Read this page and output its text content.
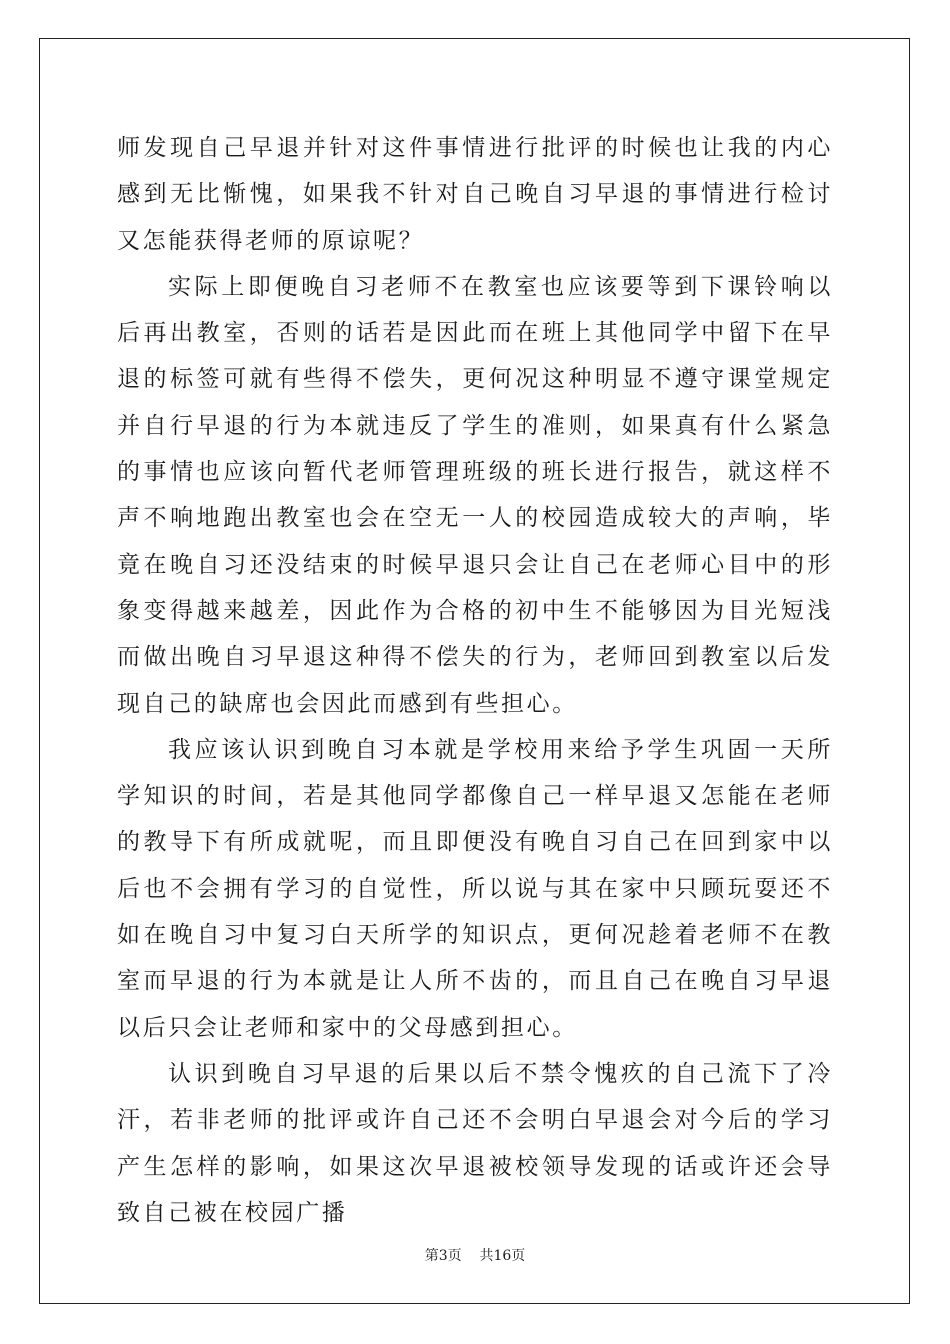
师发现自己早退并针对这件事情进行批评的时候也让我的内心感到无比惭愧，如果我不针对自己晚自习早退的事情进行检讨又怎能获得老师的原谅呢？

实际上即便晚自习老师不在教室也应该要等到下课铃响以后再出教室，否则的话若是因此而在班上其他同学中留下在早退的标签可就有些得不偿失，更何况这种明显不遵守课堂规定并自行早退的行为本就违反了学生的准则，如果真有什么紧急的事情也应该向暂代老师管理班级的班长进行报告，就这样不声不响地跑出教室也会在空无一人的校园造成较大的声响，毕竟在晚自习还没结束的时候早退只会让自己在老师心目中的形象变得越来越差，因此作为合格的初中生不能够因为目光短浅而做出晚自习早退这种得不偿失的行为，老师回到教室以后发现自己的缺席也会因此而感到有些担心。

我应该认识到晚自习本就是学校用来给予学生巩固一天所学知识的时间，若是其他同学都像自己一样早退又怎能在老师的教导下有所成就呢，而且即便没有晚自习自己在回到家中以后也不会拥有学习的自觉性，所以说与其在家中只顾玩耍还不如在晚自习中复习白天所学的知识点，更何况趁着老师不在教室而早退的行为本就是让人所不齿的，而且自己在晚自习早退以后只会让老师和家中的父母感到担心。

认识到晚自习早退的后果以后不禁令愧疚的自己流下了冷汗，若非老师的批评或许自己还不会明白早退会对今后的学习产生怎样的影响，如果这次早退被校领导发现的话或许还会导致自己被在校园广播

第3页 共16页
